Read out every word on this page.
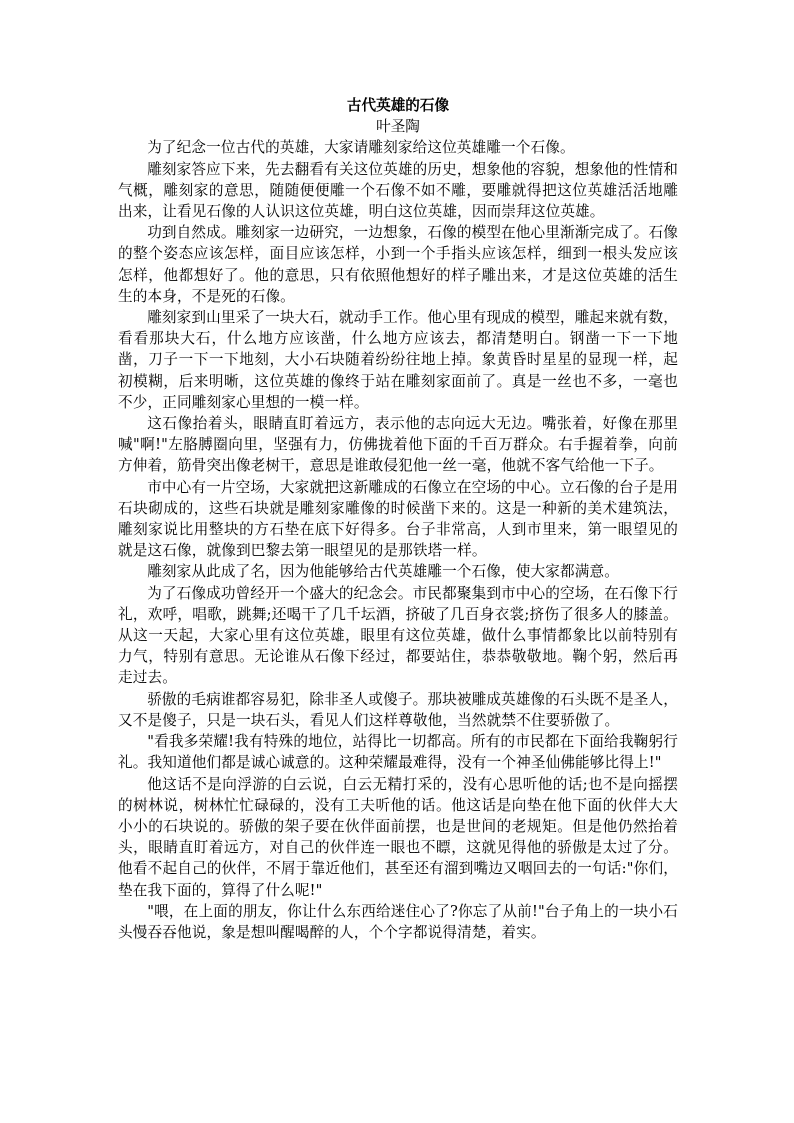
古代英雄的石像
叶圣陶

为了纪念一位古代的英雄，大家请雕刻家给这位英雄雕一个石像。

雕刻家答应下来，先去翻看有关这位英雄的历史，想象他的容貌，想象他的性情和气概，雕刻家的意思，随随便便雕一个石像不如不雕，要雕就得把这位英雄活活地雕出来，让看见石像的人认识这位英雄，明白这位英雄，因而崇拜这位英雄。

功到自然成。雕刻家一边研究，一边想象，石像的模型在他心里渐渐完成了。石像的整个姿态应该怎样，面目应该怎样，小到一个手指头应该怎样，细到一根头发应该怎样，他都想好了。他的意思，只有依照他想好的样子雕出来，才是这位英雄的活生生的本身，不是死的石像。

雕刻家到山里采了一块大石，就动手工作。他心里有现成的模型，雕起来就有数，看看那块大石，什么地方应该凿，什么地方应该去，都清楚明白。钢凿一下一下地凿，刀子一下一下地刻，大小石块随着纷纷往地上掉。象黄昏时星星的显现一样，起初模糊，后来明晰，这位英雄的像终于站在雕刻家面前了。真是一丝也不多，一毫也不少，正同雕刻家心里想的一模一样。

这石像抬着头，眼睛直盯着远方，表示他的志向远大无边。嘴张着，好像在那里喊"啊!"左胳膊圈向里，坚强有力，仿佛拢着他下面的千百万群众。右手握着拳，向前方伸着，筋骨突出像老树干，意思是谁敢侵犯他一丝一毫，他就不客气给他一下子。

市中心有一片空场，大家就把这新雕成的石像立在空场的中心。立石像的台子是用石块砌成的，这些石块就是雕刻家雕像的时候凿下来的。这是一种新的美术建筑法，雕刻家说比用整块的方石垫在底下好得多。台子非常高，人到市里来，第一眼望见的就是这石像，就像到巴黎去第一眼望见的是那铁塔一样。

雕刻家从此成了名，因为他能够给古代英雄雕一个石像，使大家都满意。

为了石像成功曾经开一个盛大的纪念会。市民都聚集到市中心的空场，在石像下行礼，欢呼，唱歌，跳舞;还喝干了几千坛酒，挤破了几百身衣裳;挤伤了很多人的膝盖。从这一天起，大家心里有这位英雄，眼里有这位英雄，做什么事情都象比以前特别有力气，特别有意思。无论谁从石像下经过，都要站住，恭恭敬敬地。鞠个躬，然后再走过去。

骄傲的毛病谁都容易犯，除非圣人或傻子。那块被雕成英雄像的石头既不是圣人，又不是傻子，只是一块石头，看见人们这样尊敬他，当然就禁不住要骄傲了。

"看我多荣耀!我有特殊的地位，站得比一切都高。所有的市民都在下面给我鞠躬行礼。我知道他们都是诚心诚意的。这种荣耀最难得，没有一个神圣仙佛能够比得上!"

他这话不是向浮游的白云说，白云无精打采的，没有心思听他的话;也不是向摇摆的树林说，树林忙忙碌碌的，没有工夫听他的话。他这话是向垫在他下面的伙伴大大小小的石块说的。骄傲的架子要在伙伴面前摆，也是世间的老规矩。但是他仍然抬着头，眼睛直盯着远方，对自己的伙伴连一眼也不瞟，这就见得他的骄傲是太过了分。他看不起自己的伙伴，不屑于靠近他们，甚至还有溜到嘴边又咽回去的一句话:"你们，垫在我下面的，算得了什么呢!"

"喂，在上面的朋友，你让什么东西给迷住心了?你忘了从前!"台子角上的一块小石头慢吞吞他说，象是想叫醒喝醉的人，个个字都说得清楚，着实。
